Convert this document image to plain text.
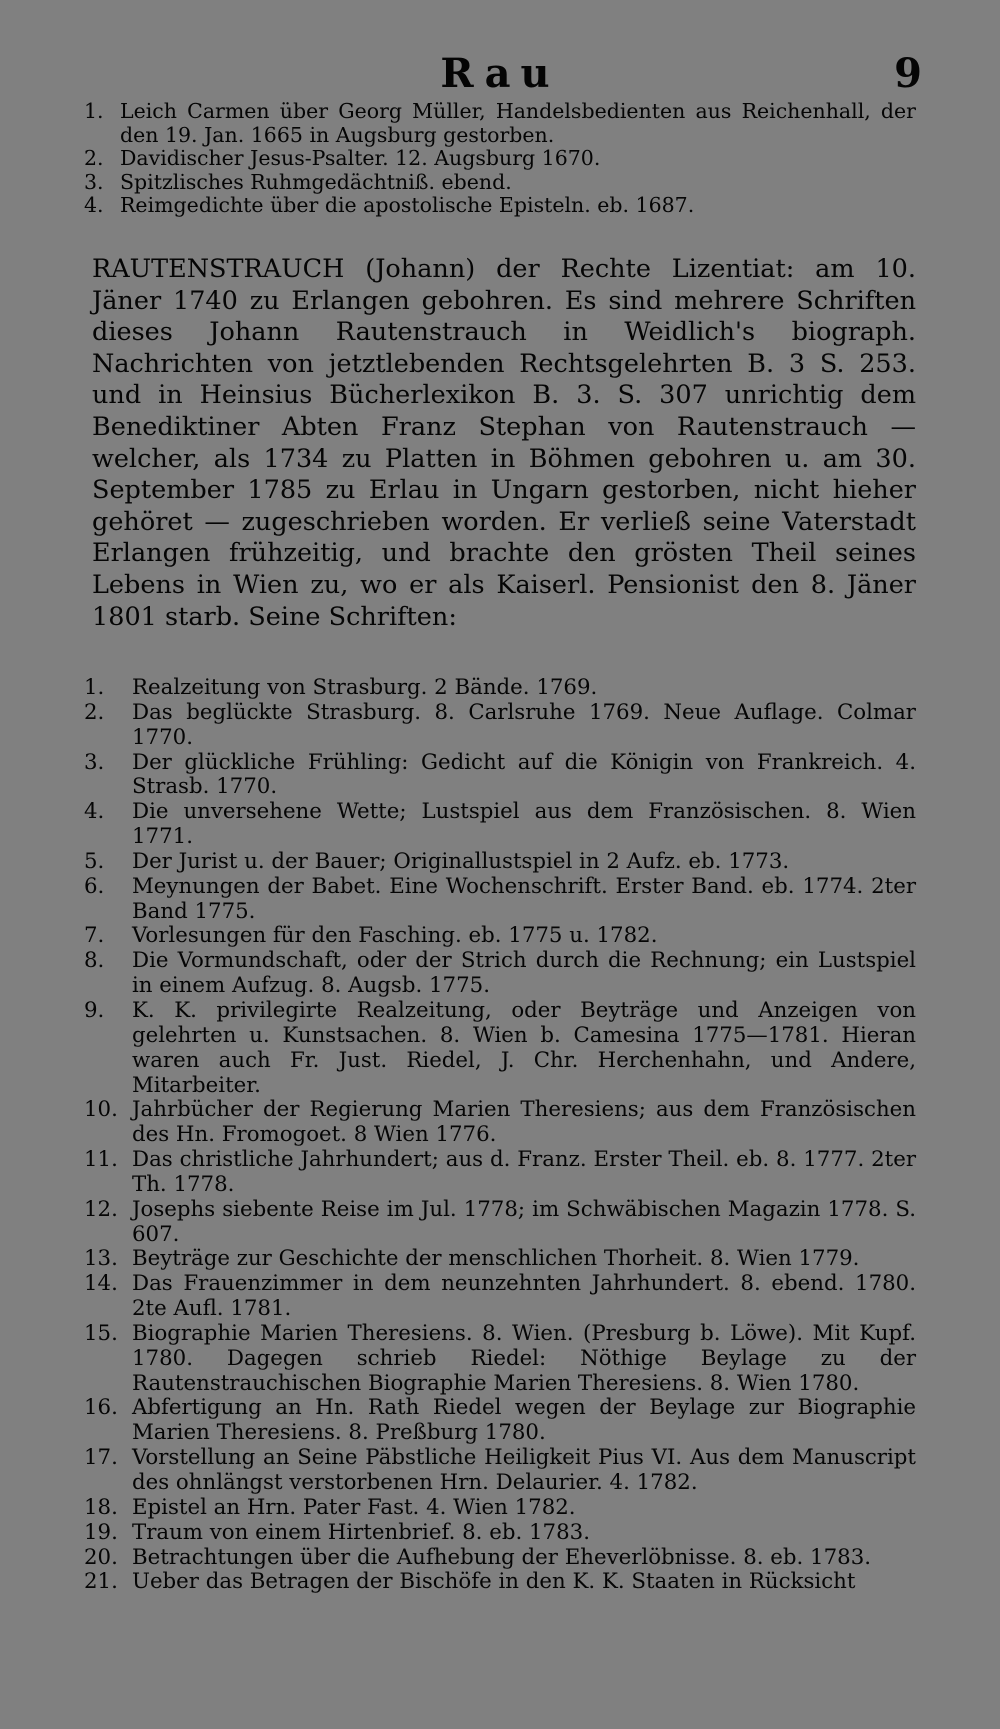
Rau	9
1. Leich Carmen über Georg Müller, Handelsbedienten aus Reichenhall, der den 19. Jan. 1665 in Augsburg gestorben.
2. Davidischer Jesus-Psalter. 12. Augsburg 1670.
3. Spitzlisches Ruhmgedächtniß. ebend.
4. Reimgedichte über die apostolische Episteln. eb. 1687.
RAUTENSTRAUCH (Johann) der Rechte Lizentiat: am 10. Jäner 1740 zu Erlangen gebohren. Es sind mehrere Schriften dieses Johann Rautenstrauch in Weidlich's biograph. Nachrichten von jetztlebenden Rechtsgelehrten B. 3 S. 253. und in Heinsius Bücherlexikon B. 3. S. 307 unrichtig dem Benediktiner Abten Franz Stephan von Rautenstrauch — welcher, als 1734 zu Platten in Böhmen gebohren u. am 30. September 1785 zu Erlau in Ungarn gestorben, nicht hieher gehöret — zugeschrieben worden. Er verließ seine Vaterstadt Erlangen frühzeitig, und brachte den grösten Theil seines Lebens in Wien zu, wo er als Kaiserl. Pensionist den 8. Jäner 1801 starb. Seine Schriften:
1.	Realzeitung von Strasburg. 2 Bände. 1769.
2.	Das beglückte Strasburg. 8. Carlsruhe 1769. Neue Auflage. Colmar 1770.
3.	Der glückliche Frühling: Gedicht auf die Königin von Frankreich. 4. Strasb. 1770.
4.	Die unversehene Wette; Lustspiel aus dem Französischen. 8. Wien 1771.
5.	Der Jurist u. der Bauer; Originallustspiel in 2 Aufz. eb. 1773.
6.	Meynungen der Babet. Eine Wochenschrift. Erster Band. eb. 1774. 2ter Band 1775.
7.	Vorlesungen für den Fasching. eb. 1775 u. 1782.
8.	Die Vormundschaft, oder der Strich durch die Rechnung; ein Lustspiel in einem Aufzug. 8. Augsb. 1775.
9.	K. K. privilegirte Realzeitung, oder Beyträge und Anzeigen von gelehrten u. Kunstsachen. 8. Wien b. Camesina 1775—1781. Hieran waren auch Fr. Just. Riedel, J. Chr. Herchenhahn, und Andere, Mitarbeiter.
10. Jahrbücher der Regierung Marien Theresiens; aus dem Französischen des Hn. Fromogoet. 8 Wien 1776.
11. Das christliche Jahrhundert; aus d. Franz. Erster Theil. eb. 8. 1777. 2ter Th. 1778.
12. Josephs siebente Reise im Jul. 1778; im Schwäbischen Magazin 1778. S. 607.
13. Beyträge zur Geschichte der menschlichen Thorheit. 8. Wien 1779.
14. Das Frauenzimmer in dem neunzehnten Jahrhundert. 8. ebend. 1780. 2te Aufl. 1781.
15. Biographie Marien Theresiens. 8. Wien. (Presburg b. Löwe). Mit Kupf. 1780. Dagegen schrieb Riedel: Nöthige Beylage zu der Rautenstrauchischen Biographie Marien Theresiens. 8. Wien 1780.
16. Abfertigung an Hn. Rath Riedel wegen der Beylage zur Biographie Marien Theresiens. 8. Preßburg 1780.
17. Vorstellung an Seine Päbstliche Heiligkeit Pius VI. Aus dem Manuscript des ohnlängst verstorbenen Hrn. Delaurier. 4. 1782.
18. Epistel an Hrn. Pater Fast. 4. Wien 1782.
19. Traum von einem Hirtenbrief. 8. eb. 1783.
20. Betrachtungen über die Aufhebung der Eheverlöbnisse. 8. eb. 1783.
21. Ueber das Betragen der Bischöfe in den K. K. Staaten in Rücksicht
